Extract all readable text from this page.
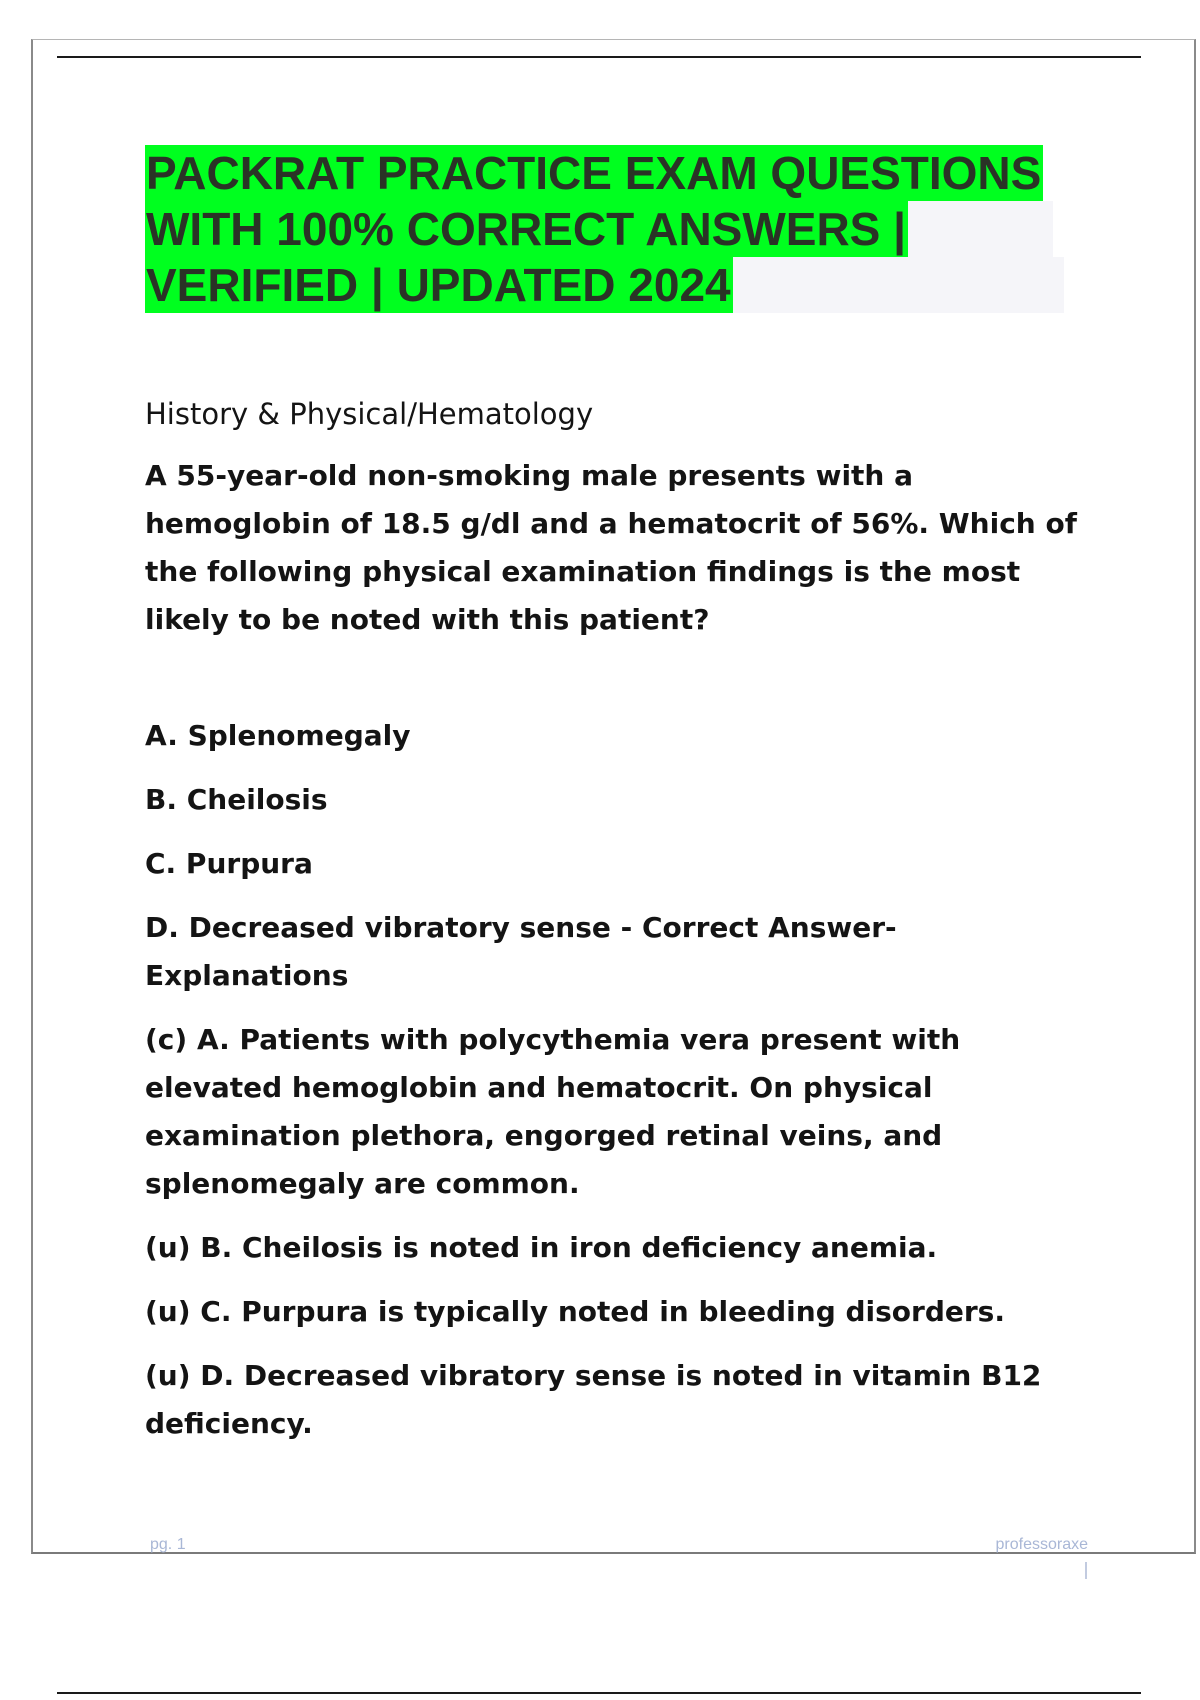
PACKRAT PRACTICE EXAM QUESTIONS
WITH 100% CORRECT ANSWERS |
VERIFIED | UPDATED 2024

History & Physical/Hematology

A 55-year-old non-smoking male presents with a hemoglobin of 18.5 g/dl and a hematocrit of 56%. Which of the following physical examination findings is the most likely to be noted with this patient?

A. Splenomegaly

B. Cheilosis

C. Purpura

D. Decreased vibratory sense - Correct Answer-Explanations

(c) A. Patients with polycythemia vera present with elevated hemoglobin and hematocrit. On physical examination plethora, engorged retinal veins, and splenomegaly are common.

(u) B. Cheilosis is noted in iron deficiency anemia.

(u) C. Purpura is typically noted in bleeding disorders.

(u) D. Decreased vibratory sense is noted in vitamin B12 deficiency.

pg. 1	professoraxe
